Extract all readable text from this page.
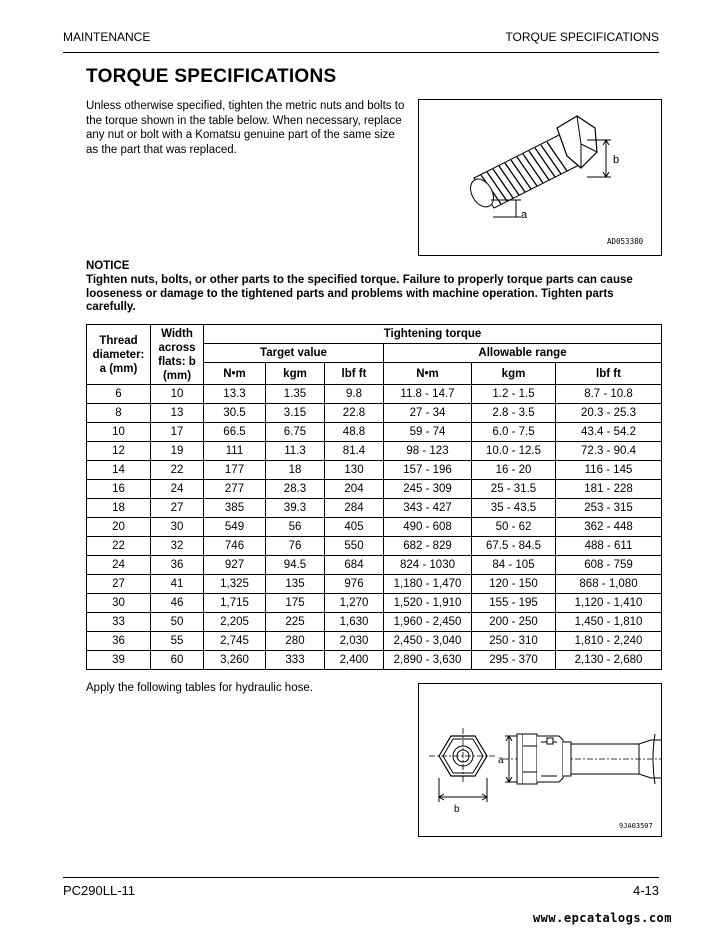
MAINTENANCE	TORQUE SPECIFICATIONS
TORQUE SPECIFICATIONS
Unless otherwise specified, tighten the metric nuts and bolts to the torque shown in the table below. When necessary, replace any nut or bolt with a Komatsu genuine part of the same size as the part that was replaced.
b
a
AD053380
NOTICE
Tighten nuts, bolts, or other parts to the specified torque. Failure to properly torque parts can cause looseness or damage to the tightened parts and problems with machine operation. Tighten parts carefully.
Thread diameter: a (mm)	Width across flats: b (mm)	Tightening torque					
		Target value			Allowable range		
		N•m	kgm	lbf ft	N•m	kgm	lbf ft
6	10	13.3	1.35	9.8	11.8 - 14.7	1.2 - 1.5	8.7 - 10.8
8	13	30.5	3.15	22.8	27 - 34	2.8 - 3.5	20.3 - 25.3
10	17	66.5	6.75	48.8	59 - 74	6.0 - 7.5	43.4 - 54.2
12	19	111	11.3	81.4	98 - 123	10.0 - 12.5	72.3 - 90.4
14	22	177	18	130	157 - 196	16 - 20	116 - 145
16	24	277	28.3	204	245 - 309	25 - 31.5	181 - 228
18	27	385	39.3	284	343 - 427	35 - 43.5	253 - 315
20	30	549	56	405	490 - 608	50 - 62	362 - 448
22	32	746	76	550	682 - 829	67.5 - 84.5	488 - 611
24	36	927	94.5	684	824 - 1030	84 - 105	608 - 759
27	41	1,325	135	976	1,180 - 1,470	120 - 150	868 - 1,080
30	46	1,715	175	1,270	1,520 - 1,910	155 - 195	1,120 - 1,410
33	50	2,205	225	1,630	1,960 - 2,450	200 - 250	1,450 - 1,810
36	55	2,745	280	2,030	2,450 - 3,040	250 - 310	1,810 - 2,240
39	60	3,260	333	2,400	2,890 - 3,630	295 - 370	2,130 - 2,680
Apply the following tables for hydraulic hose.
a
b
9JA03507
PC290LL-11	4-13
www.epcatalogs.com
